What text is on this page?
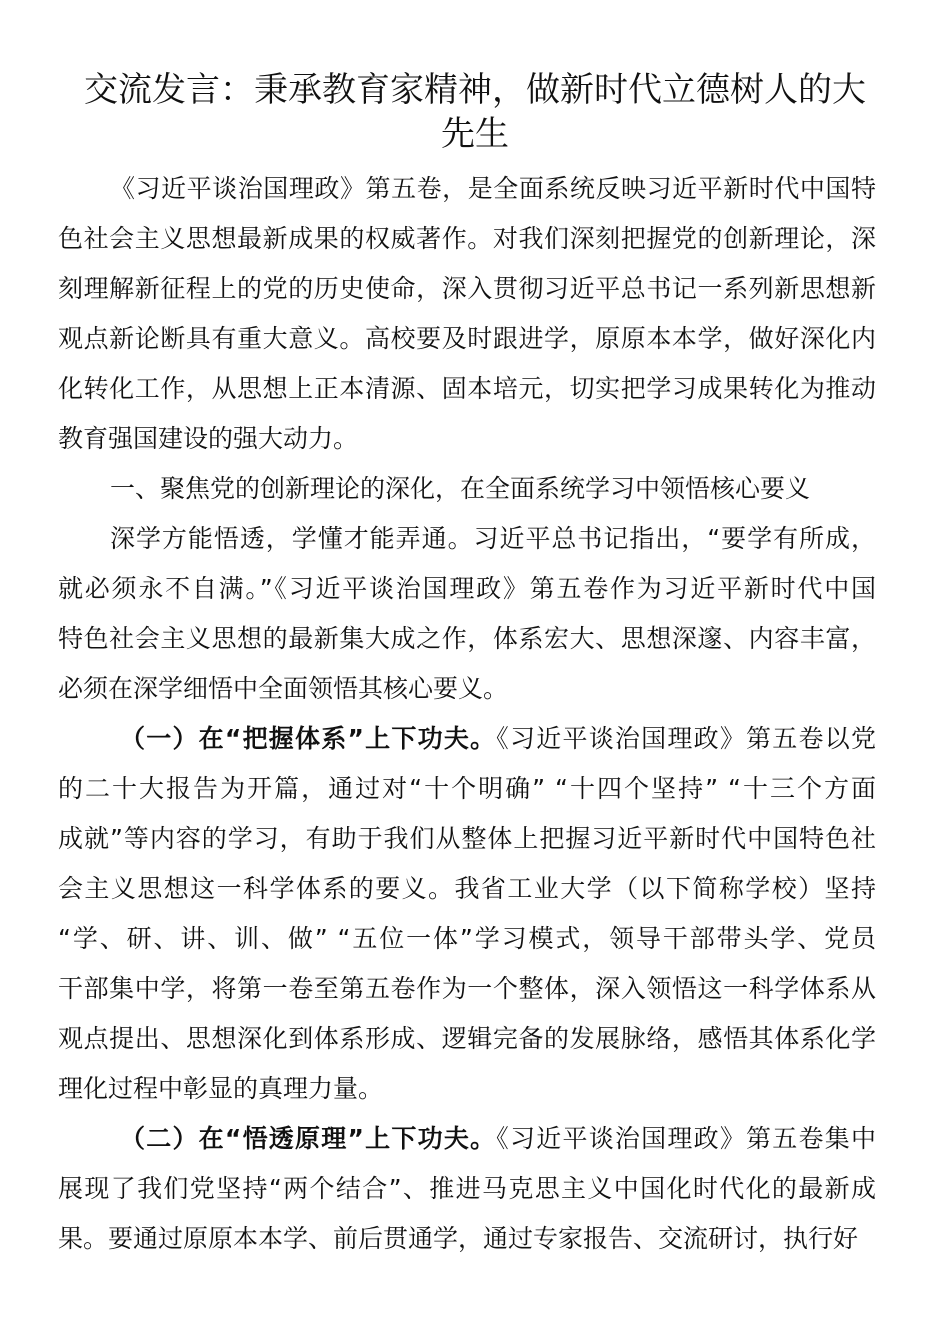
交流发言：秉承教育家精神，做新时代立德树人的大
先生
《习近平谈治国理政》第五卷，是全面系统反映习近平新时代中国特
色社会主义思想最新成果的权威著作。对我们深刻把握党的创新理论，深
刻理解新征程上的党的历史使命，深入贯彻习近平总书记一系列新思想新
观点新论断具有重大意义。高校要及时跟进学，原原本本学，做好深化内
化转化工作，从思想上正本清源、固本培元，切实把学习成果转化为推动
教育强国建设的强大动力。
一、聚焦党的创新理论的深化，在全面系统学习中领悟核心要义
深学方能悟透，学懂才能弄通。习近平总书记指出，“要学有所成，
就必须永不自满。”《习近平谈治国理政》第五卷作为习近平新时代中国
特色社会主义思想的最新集大成之作，体系宏大、思想深邃、内容丰富，
必须在深学细悟中全面领悟其核心要义。
（一）在“把握体系”上下功夫。《习近平谈治国理政》第五卷以党
的二十大报告为开篇，通过对“十个明确” “十四个坚持” “十三个方面
成就”等内容的学习，有助于我们从整体上把握习近平新时代中国特色社
会主义思想这一科学体系的要义。我省工业大学（以下简称学校）坚持
“学、研、讲、训、做” “五位一体”学习模式，领导干部带头学、党员
干部集中学，将第一卷至第五卷作为一个整体，深入领悟这一科学体系从
观点提出、思想深化到体系形成、逻辑完备的发展脉络，感悟其体系化学
理化过程中彰显的真理力量。
（二）在“悟透原理”上下功夫。《习近平谈治国理政》第五卷集中
展现了我们党坚持“两个结合”、推进马克思主义中国化时代化的最新成
果。要通过原原本本学、前后贯通学，通过专家报告、交流研讨，执行好
